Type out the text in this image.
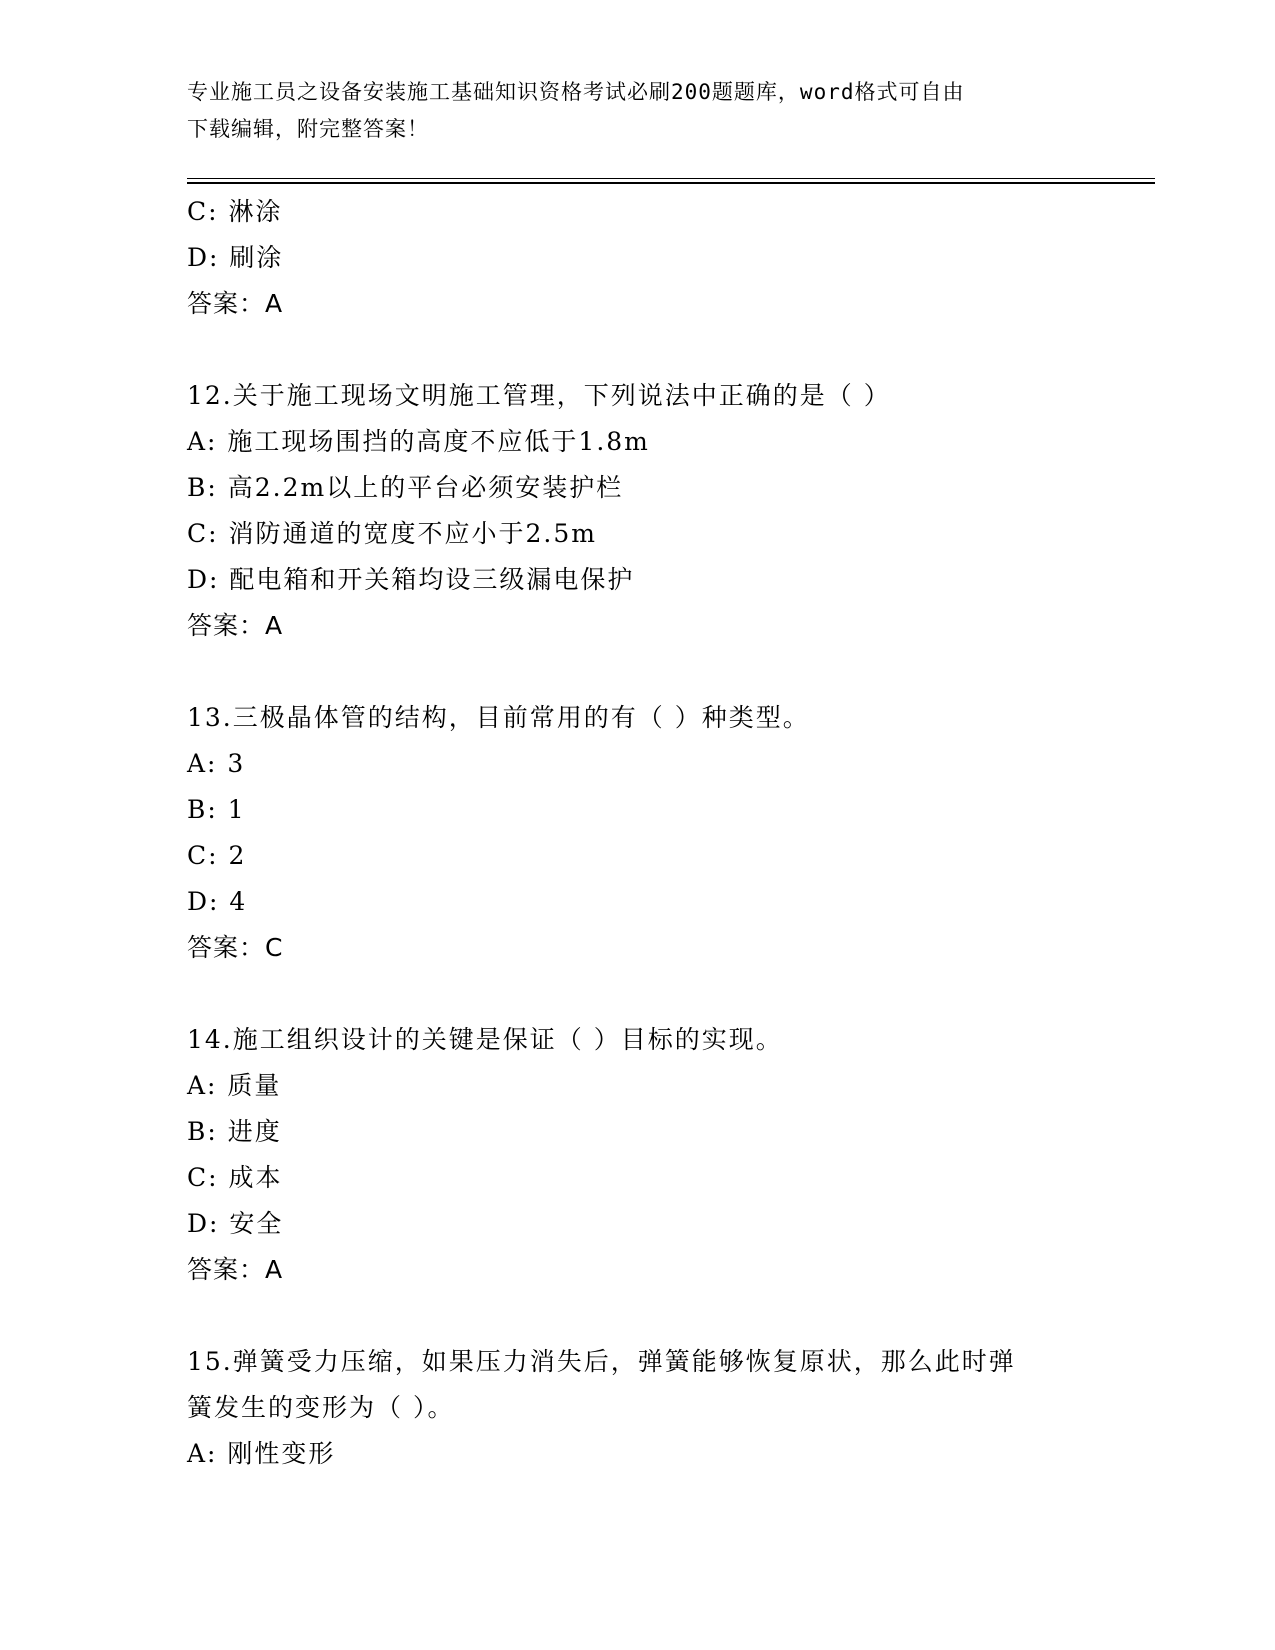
专业施工员之设备安装施工基础知识资格考试必刷200题题库，word格式可自由
下载编辑，附完整答案！
C: 淋涂
D: 刷涂
答案：A
12.关于施工现场文明施工管理，下列说法中正确的是（ ）
A: 施工现场围挡的高度不应低于1.8m
B: 高2.2m以上的平台必须安装护栏
C: 消防通道的宽度不应小于2.5m
D: 配电箱和开关箱均设三级漏电保护
答案：A
13.三极晶体管的结构，目前常用的有（ ）种类型。
A: 3
B: 1
C: 2
D: 4
答案：C
14.施工组织设计的关键是保证（ ）目标的实现。
A: 质量
B: 进度
C: 成本
D: 安全
答案：A
15.弹簧受力压缩，如果压力消失后，弹簧能够恢复原状，那么此时弹
簧发生的变形为（ ）。
A: 刚性变形
